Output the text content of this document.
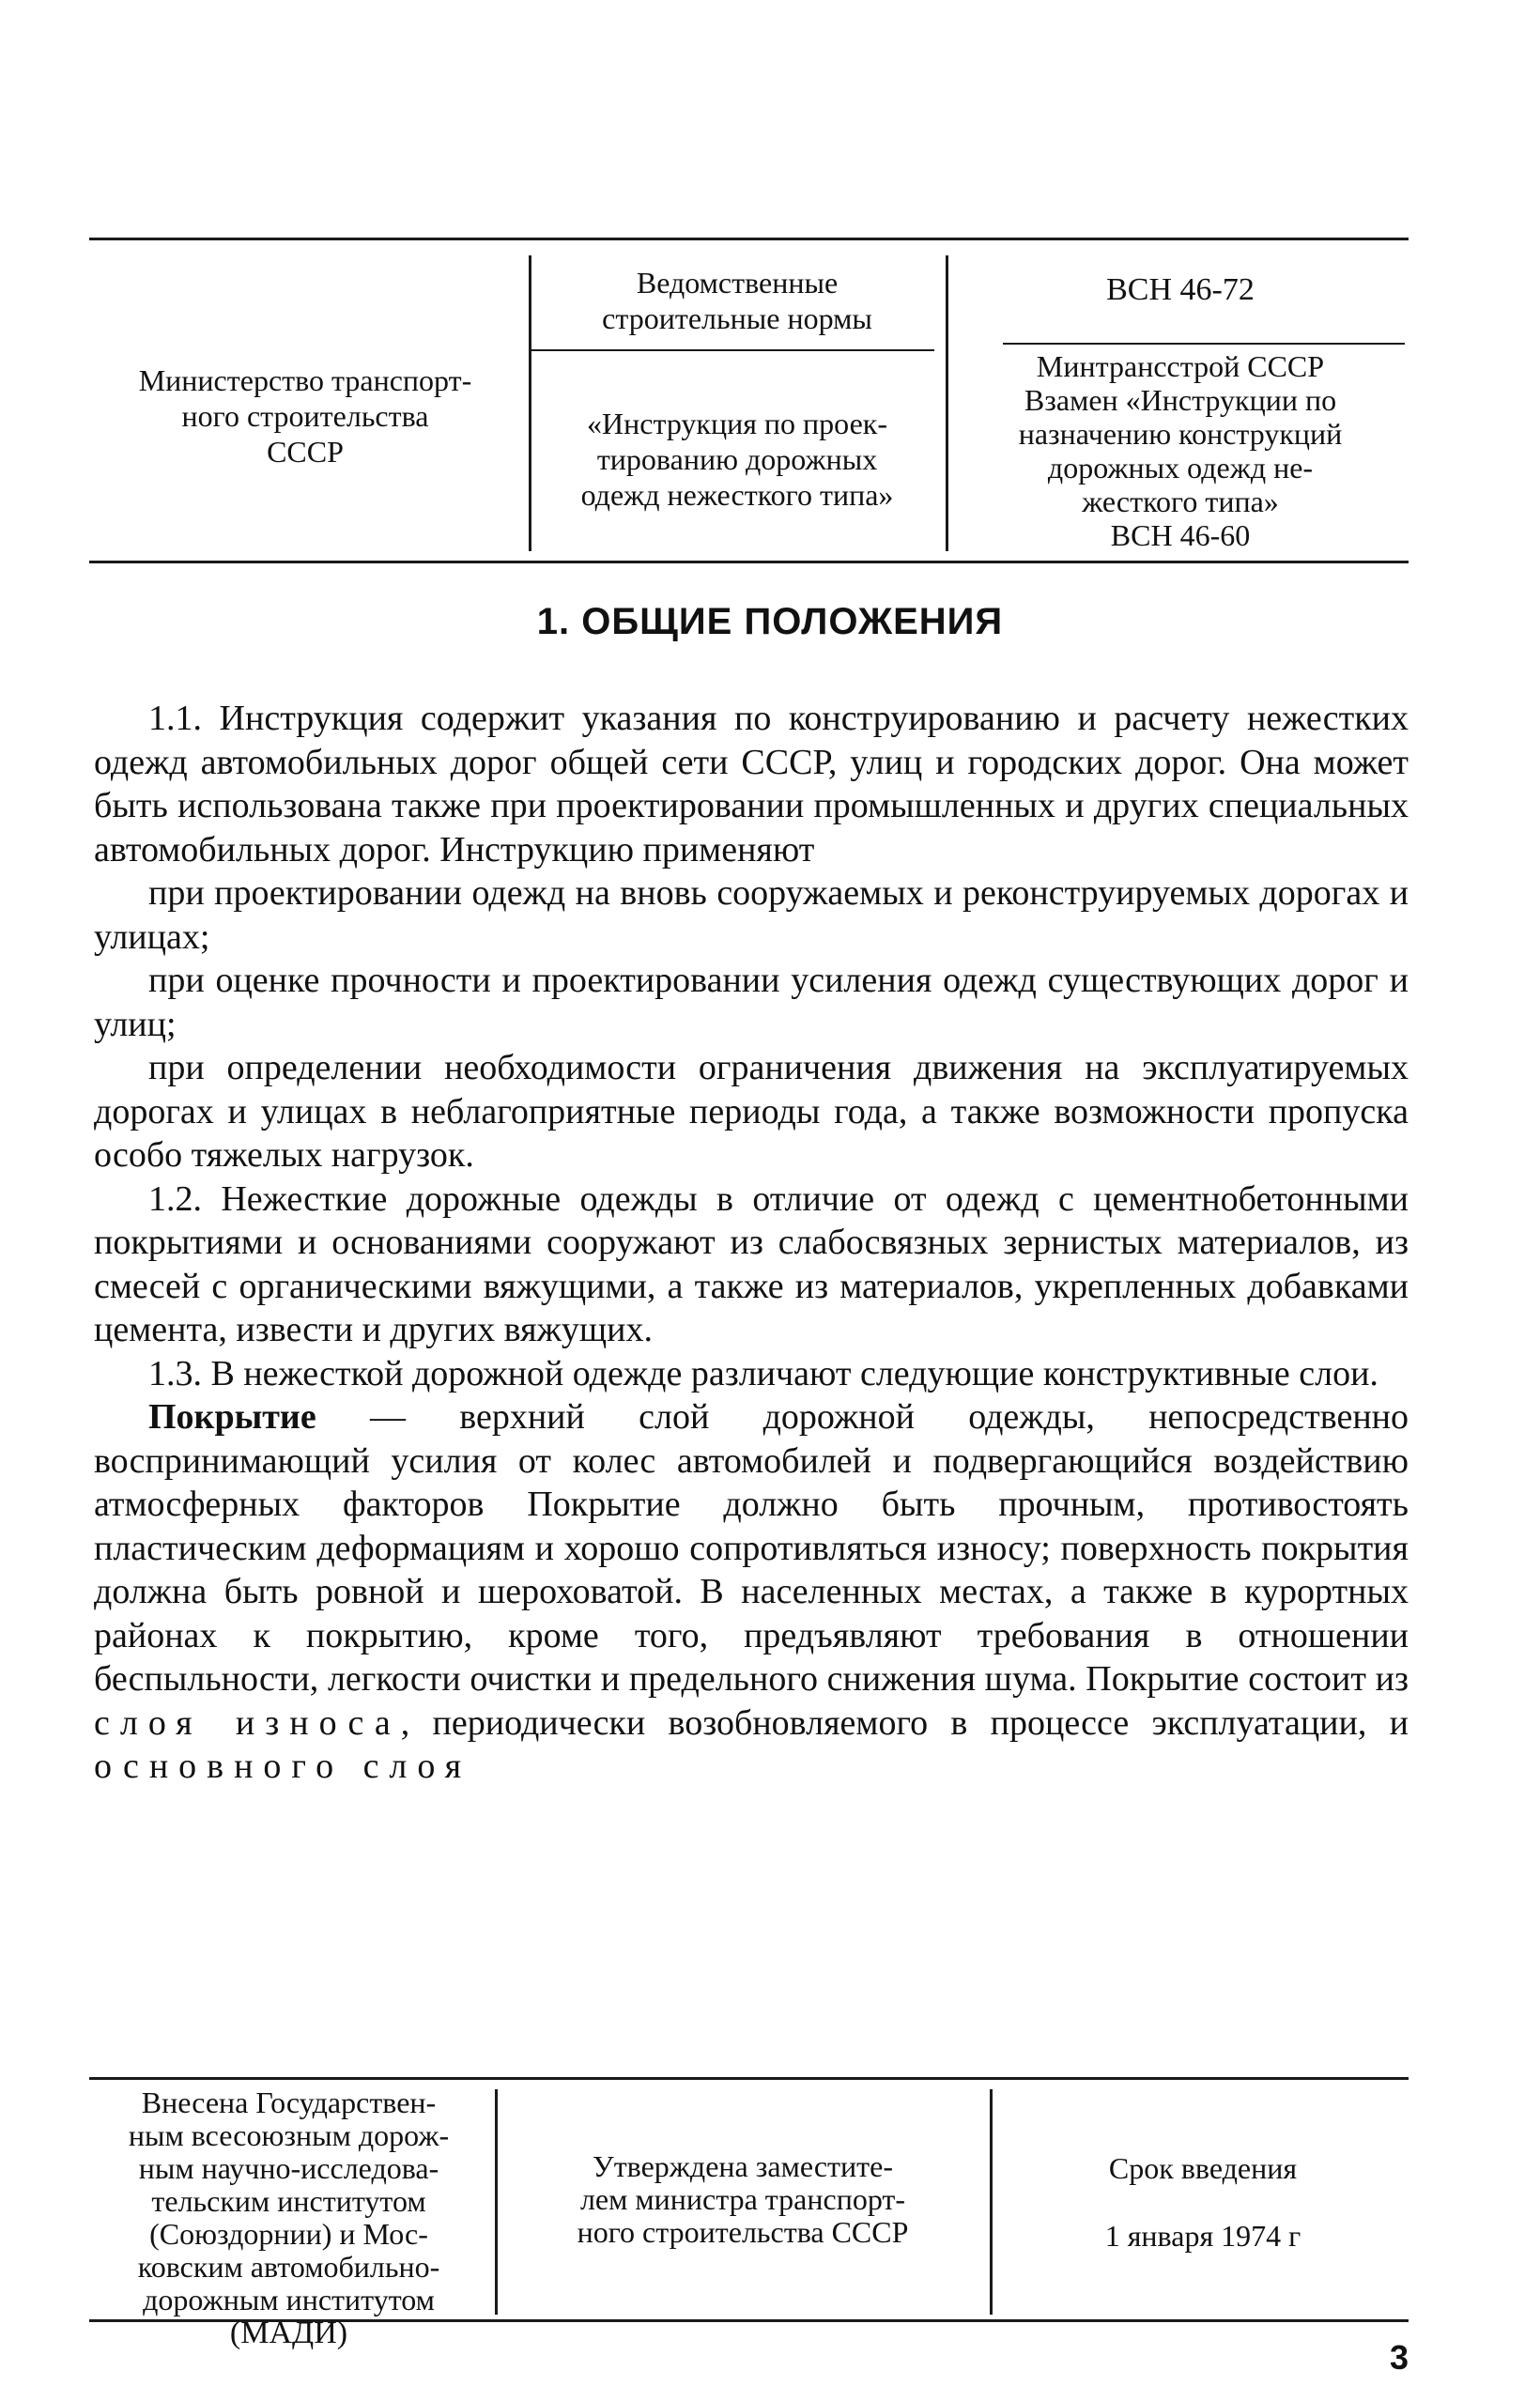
Министерство транспорт-
ного строительства
СССР
Ведомственные
строительные нормы
«Инструкция по проек-
тированию дорожных
одежд нежесткого типа»
ВСН 46-72
Минтрансстрой СССР
Взамен «Инструкции по
назначению конструкций
дорожных одежд не-
жесткого типа»
ВСН 46-60
1. ОБЩИЕ ПОЛОЖЕНИЯ

1.1. Инструкция содержит указания по конструированию и расчету нежестких одежд автомобильных дорог общей сети СССР, улиц и городских дорог. Она может быть использована также при проектировании промышленных и других специальных автомобильных дорог. Инструкцию применяют

при проектировании одежд на вновь сооружаемых и реконструируемых дорогах и улицах;

при оценке прочности и проектировании усиления одежд существующих дорог и улиц;

при определении необходимости ограничения движения на эксплуатируемых дорогах и улицах в неблагоприятные периоды года, а также возможности пропуска особо тяжелых нагрузок.

1.2. Нежесткие дорожные одежды в отличие от одежд с цементнобетонными покрытиями и основаниями сооружают из слабосвязных зернистых материалов, из смесей с органическими вяжущими, а также из материалов, укрепленных добавками цемента, извести и других вяжущих.

1.3. В нежесткой дорожной одежде различают следующие конструктивные слои.

Покрытие — верхний слой дорожной одежды, непосредственно воспринимающий усилия от колес автомобилей и подвергающийся воздействию атмосферных факторов Покрытие должно быть прочным, противостоять пластическим деформациям и хорошо сопротивляться износу; поверхность покрытия должна быть ровной и шероховатой. В населенных местах, а также в курортных районах к покрытию, кроме того, предъявляют требования в отношении беспыльности, легкости очистки и предельного снижения шума. Покрытие состоит из слоя износа, периодически возобновляемого в процессе эксплуатации, и основного слоя

Внесена Государствен-
ным всесоюзным дорож-
ным научно-исследова-
тельским институтом
(Союздорнии) и Мос-
ковским автомобильно-
дорожным институтом
(МАДИ)
Утверждена заместите-
лем министра транспорт-
ного строительства СССР
Срок введения
1 января 1974 г
3
